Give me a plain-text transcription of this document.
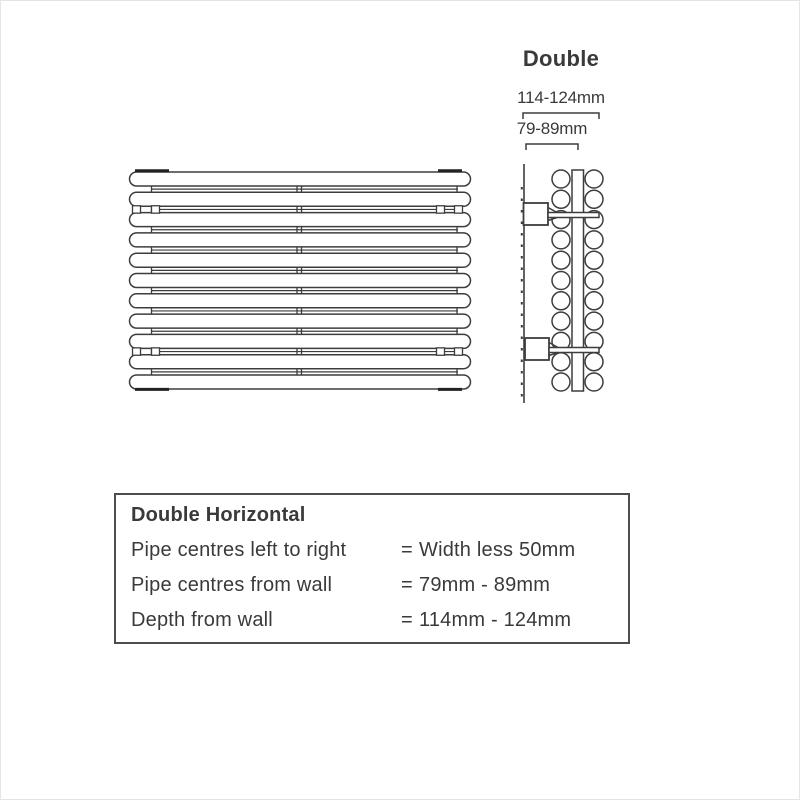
Double
114-124mm
79-89mm
Double Horizontal
Pipe centres left to right	= Width less 50mm
Pipe centres from wall	= 79mm - 89mm
Depth from wall	= 114mm - 124mm
